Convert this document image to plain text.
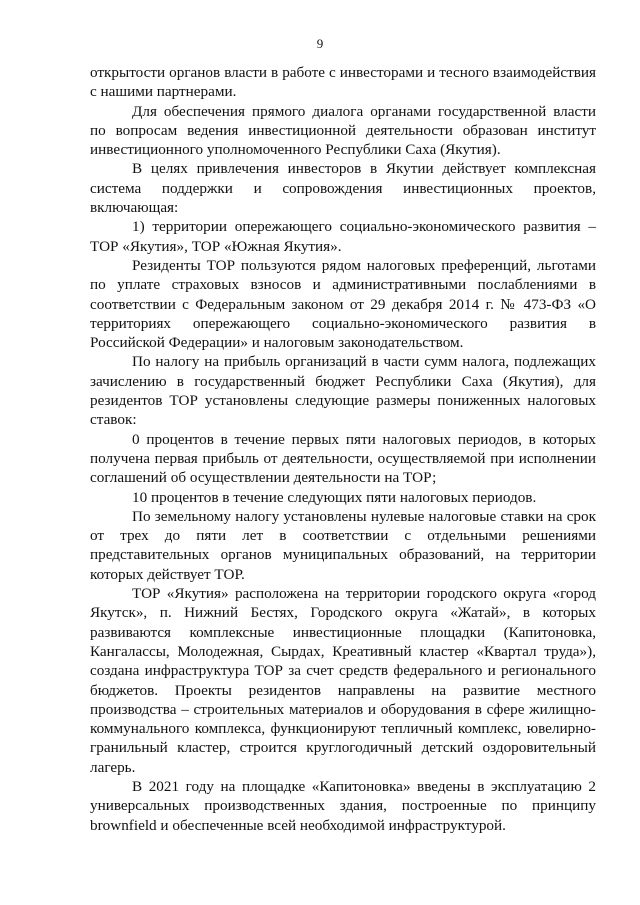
9

открытости органов власти в работе с инвесторами и тесного взаимодействия с нашими партнерами.

Для обеспечения прямого диалога органами государственной власти по вопросам ведения инвестиционной деятельности образован институт инвестиционного уполномоченного Республики Саха (Якутия).

В целях привлечения инвесторов в Якутии действует комплексная система поддержки и сопровождения инвестиционных проектов, включающая:

1) территории опережающего социально-экономического развития – ТОР «Якутия», ТОР «Южная Якутия».

Резиденты ТОР пользуются рядом налоговых преференций, льготами по уплате страховых взносов и административными послаблениями в соответствии с Федеральным законом от 29 декабря 2014 г. № 473-ФЗ «О территориях опережающего социально-экономического развития в Российской Федерации» и налоговым законодательством.

По налогу на прибыль организаций в части сумм налога, подлежащих зачислению в государственный бюджет Республики Саха (Якутия), для резидентов ТОР установлены следующие размеры пониженных налоговых ставок:

0 процентов в течение первых пяти налоговых периодов, в которых получена первая прибыль от деятельности, осуществляемой при исполнении соглашений об осуществлении деятельности на ТОР;

10 процентов в течение следующих пяти налоговых периодов.

По земельному налогу установлены нулевые налоговые ставки на срок от трех до пяти лет в соответствии с отдельными решениями представительных органов муниципальных образований, на территории которых действует ТОР.

ТОР «Якутия» расположена на территории городского округа «город Якутск», п. Нижний Бестях, Городского округа «Жатай», в которых развиваются комплексные инвестиционные площадки (Капитоновка, Кангалассы, Молодежная, Сырдах, Креативный кластер «Квартал труда»), создана инфраструктура ТОР за счет средств федерального и регионального бюджетов. Проекты резидентов направлены на развитие местного производства – строительных материалов и оборудования в сфере жилищно-коммунального комплекса, функционируют тепличный комплекс, ювелирно-гранильный кластер, строится круглогодичный детский оздоровительный лагерь.

В 2021 году на площадке «Капитоновка» введены в эксплуатацию 2 универсальных производственных здания, построенные по принципу brownfield и обеспеченные всей необходимой инфраструктурой.
